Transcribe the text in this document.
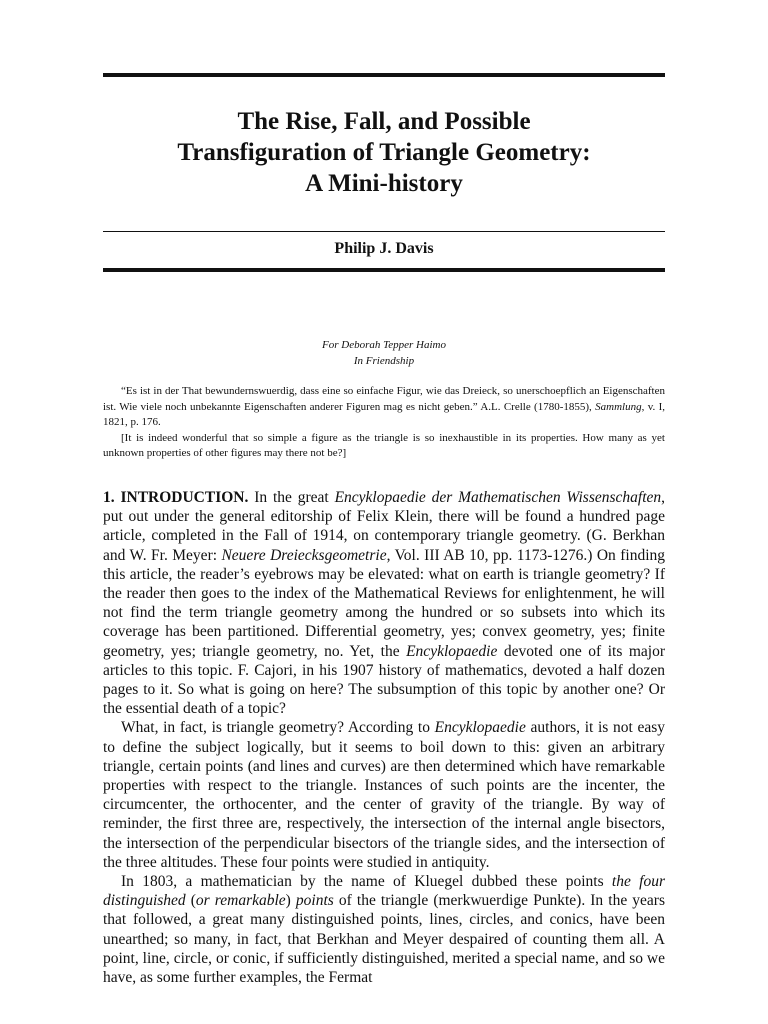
The Rise, Fall, and Possible
Transfiguration of Triangle Geometry:
A Mini-history
Philip J. Davis
For Deborah Tepper Haimo
In Friendship

“Es ist in der That bewundernswuerdig, dass eine so einfache Figur, wie das Dreieck, so unerschoepflich an Eigenschaften ist. Wie viele noch unbekannte Eigenschaften anderer Figuren mag es nicht geben.” A.L. Crelle (1780-1855), Sammlung, v. I, 1821, p. 176.

[It is indeed wonderful that so simple a figure as the triangle is so inexhaustible in its properties. How many as yet unknown properties of other figures may there not be?]

1. INTRODUCTION. In the great Encyklopaedie der Mathematischen Wissenschaften, put out under the general editorship of Felix Klein, there will be found a hundred page article, completed in the Fall of 1914, on contemporary triangle geometry. (G. Berkhan and W. Fr. Meyer: Neuere Dreiecksgeometrie, Vol. III AB 10, pp. 1173-1276.) On finding this article, the reader’s eyebrows may be elevated: what on earth is triangle geometry? If the reader then goes to the index of the Mathematical Reviews for enlightenment, he will not find the term triangle geometry among the hundred or so subsets into which its coverage has been partitioned. Differential geometry, yes; convex geometry, yes; finite geometry, yes; triangle geometry, no. Yet, the Encyklopaedie devoted one of its major articles to this topic. F. Cajori, in his 1907 history of mathematics, devoted a half dozen pages to it. So what is going on here? The subsumption of this topic by another one? Or the essential death of a topic?

What, in fact, is triangle geometry? According to Encyklopaedie authors, it is not easy to define the subject logically, but it seems to boil down to this: given an arbitrary triangle, certain points (and lines and curves) are then determined which have remarkable properties with respect to the triangle. Instances of such points are the incenter, the circumcenter, the orthocenter, and the center of gravity of the triangle. By way of reminder, the first three are, respectively, the intersection of the internal angle bisectors, the intersection of the perpendicular bisectors of the triangle sides, and the intersection of the three altitudes. These four points were studied in antiquity.

In 1803, a mathematician by the name of Kluegel dubbed these points the four distinguished (or remarkable) points of the triangle (merkwuerdige Punkte). In the years that followed, a great many distinguished points, lines, circles, and conics, have been unearthed; so many, in fact, that Berkhan and Meyer despaired of counting them all. A point, line, circle, or conic, if sufficiently distinguished, merited a special name, and so we have, as some further examples, the Fermat
